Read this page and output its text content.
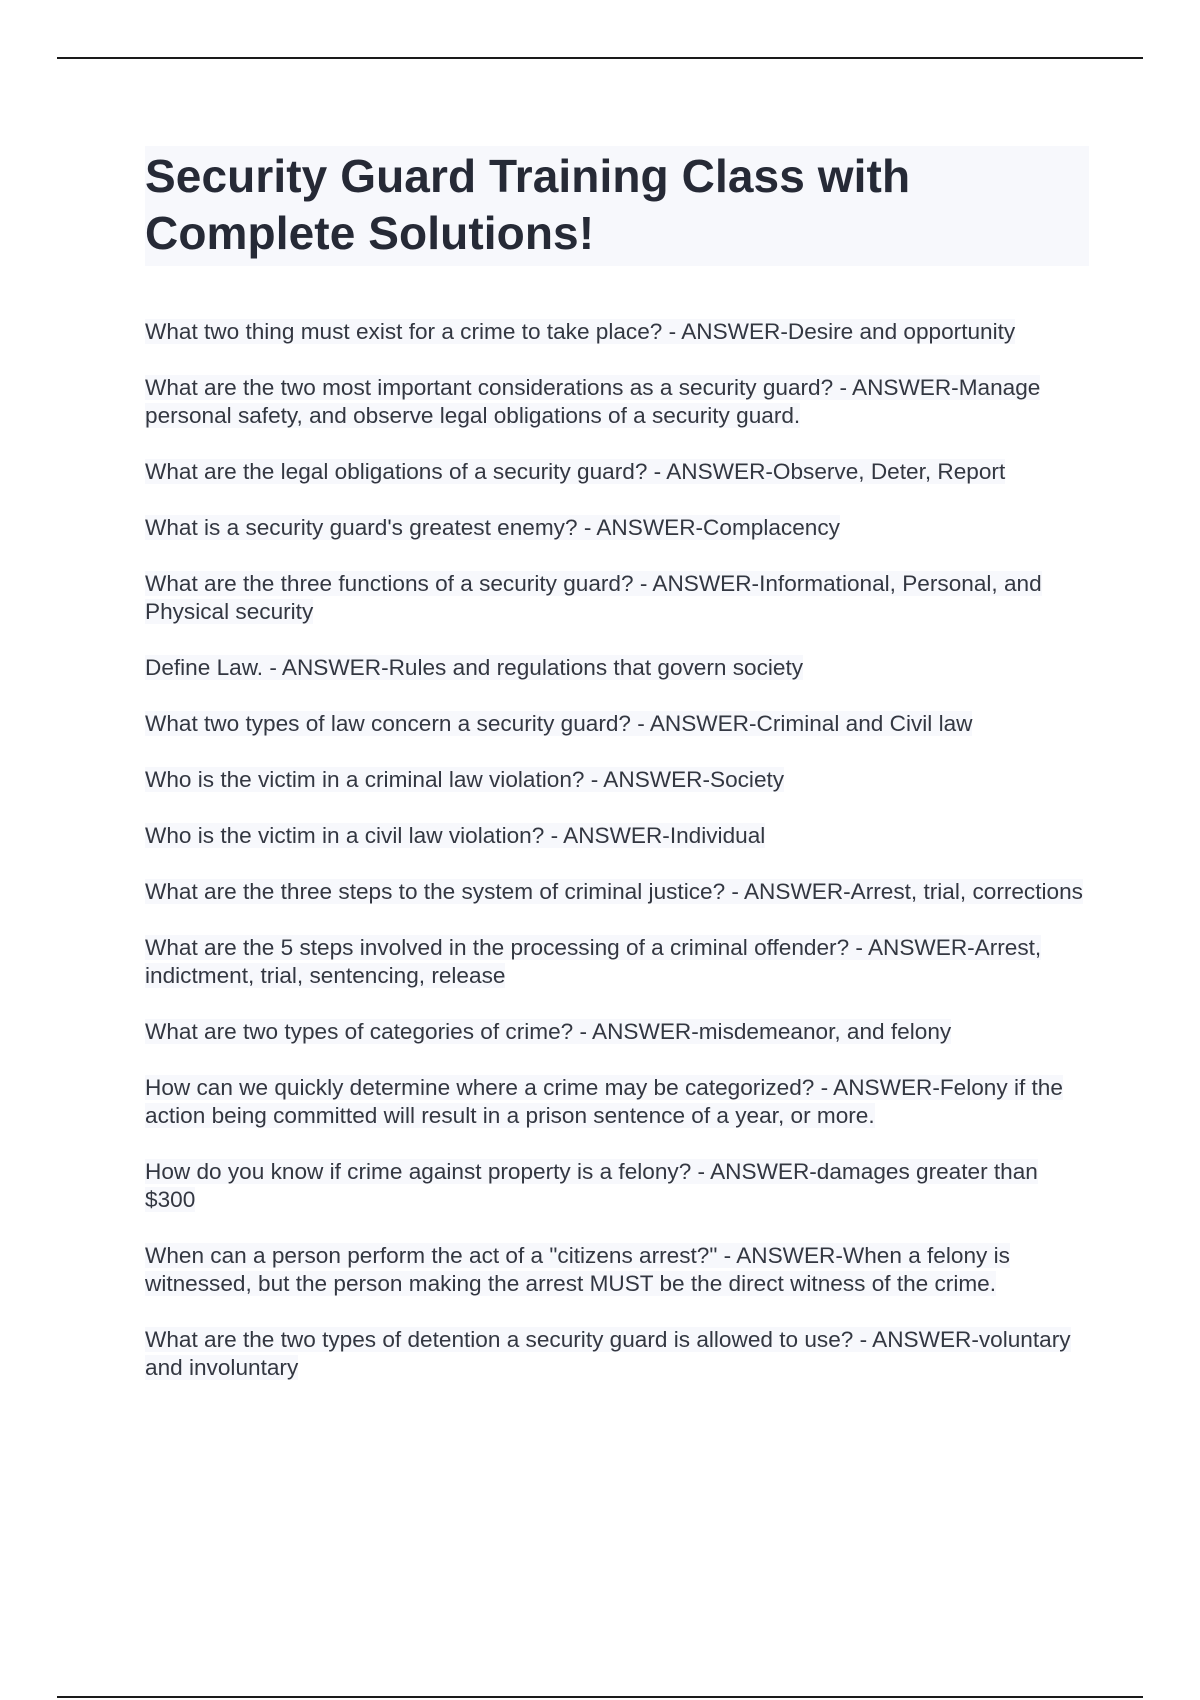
Security Guard Training Class with Complete Solutions!
What two thing must exist for a crime to take place? - ANSWER-Desire and opportunity
What are the two most important considerations as a security guard? - ANSWER-Manage personal safety, and observe legal obligations of a security guard.
What are the legal obligations of a security guard? - ANSWER-Observe, Deter, Report
What is a security guard's greatest enemy? - ANSWER-Complacency
What are the three functions of a security guard? - ANSWER-Informational, Personal, and Physical security
Define Law. - ANSWER-Rules and regulations that govern society
What two types of law concern a security guard? - ANSWER-Criminal and Civil law
Who is the victim in a criminal law violation? - ANSWER-Society
Who is the victim in a civil law violation? - ANSWER-Individual
What are the three steps to the system of criminal justice? - ANSWER-Arrest, trial, corrections
What are the 5 steps involved in the processing of a criminal offender? - ANSWER-Arrest, indictment, trial, sentencing, release
What are two types of categories of crime? - ANSWER-misdemeanor, and felony
How can we quickly determine where a crime may be categorized? - ANSWER-Felony if the action being committed will result in a prison sentence of a year, or more.
How do you know if crime against property is a felony? - ANSWER-damages greater than $300
When can a person perform the act of a "citizens arrest?" - ANSWER-When a felony is witnessed, but the person making the arrest MUST be the direct witness of the crime.
What are the two types of detention a security guard is allowed to use? - ANSWER-voluntary and involuntary
